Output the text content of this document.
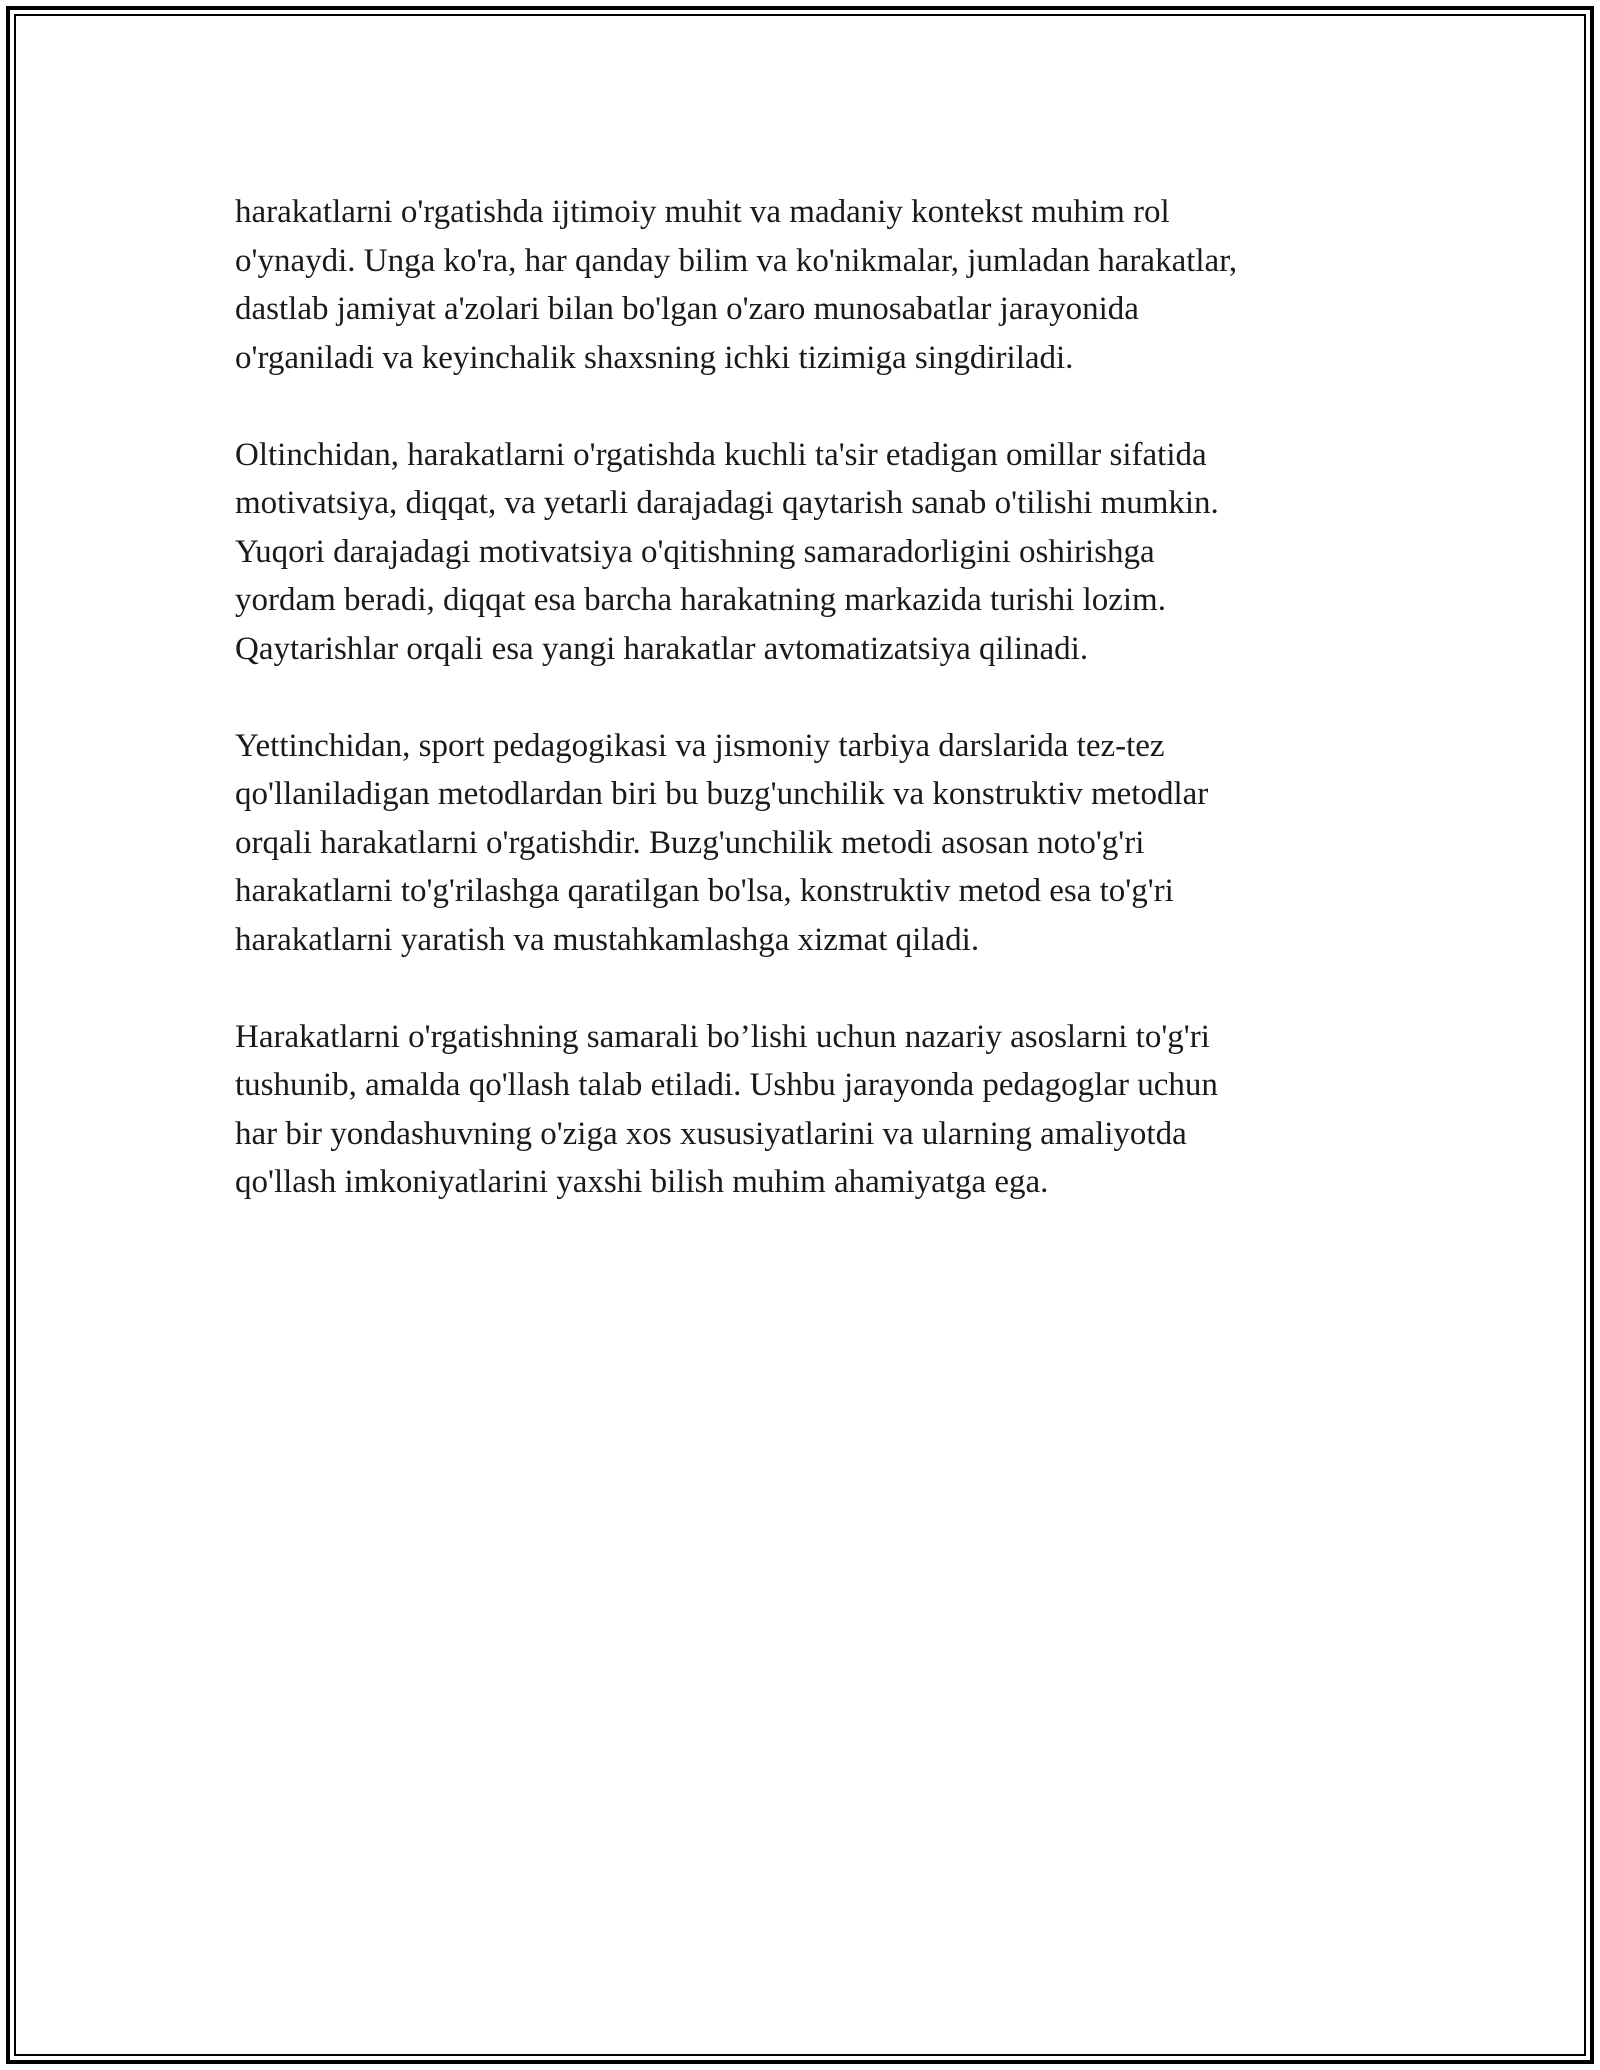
harakatlarni o'rgatishda ijtimoiy muhit va madaniy kontekst muhim rol
o'ynaydi. Unga ko'ra, har qanday bilim va ko'nikmalar, jumladan harakatlar,
dastlab jamiyat a'zolari bilan bo'lgan o'zaro munosabatlar jarayonida
o'rganiladi va keyinchalik shaxsning ichki tizimiga singdiriladi.

Oltinchidan, harakatlarni o'rgatishda kuchli ta'sir etadigan omillar sifatida
motivatsiya, diqqat, va yetarli darajadagi qaytarish sanab o'tilishi mumkin.
Yuqori darajadagi motivatsiya o'qitishning samaradorligini oshirishga
yordam beradi, diqqat esa barcha harakatning markazida turishi lozim.
Qaytarishlar orqali esa yangi harakatlar avtomatizatsiya qilinadi.

Yettinchidan, sport pedagogikasi va jismoniy tarbiya darslarida tez-tez
qo'llaniladigan metodlardan biri bu buzg'unchilik va konstruktiv metodlar
orqali harakatlarni o'rgatishdir. Buzg'unchilik metodi asosan noto'g'ri
harakatlarni to'g'rilashga qaratilgan bo'lsa, konstruktiv metod esa to'g'ri
harakatlarni yaratish va mustahkamlashga xizmat qiladi.

Harakatlarni o'rgatishning samarali bo’lishi uchun nazariy asoslarni to'g'ri
tushunib, amalda qo'llash talab etiladi. Ushbu jarayonda pedagoglar uchun
har bir yondashuvning o'ziga xos xususiyatlarini va ularning amaliyotda
qo'llash imkoniyatlarini yaxshi bilish muhim ahamiyatga ega.
